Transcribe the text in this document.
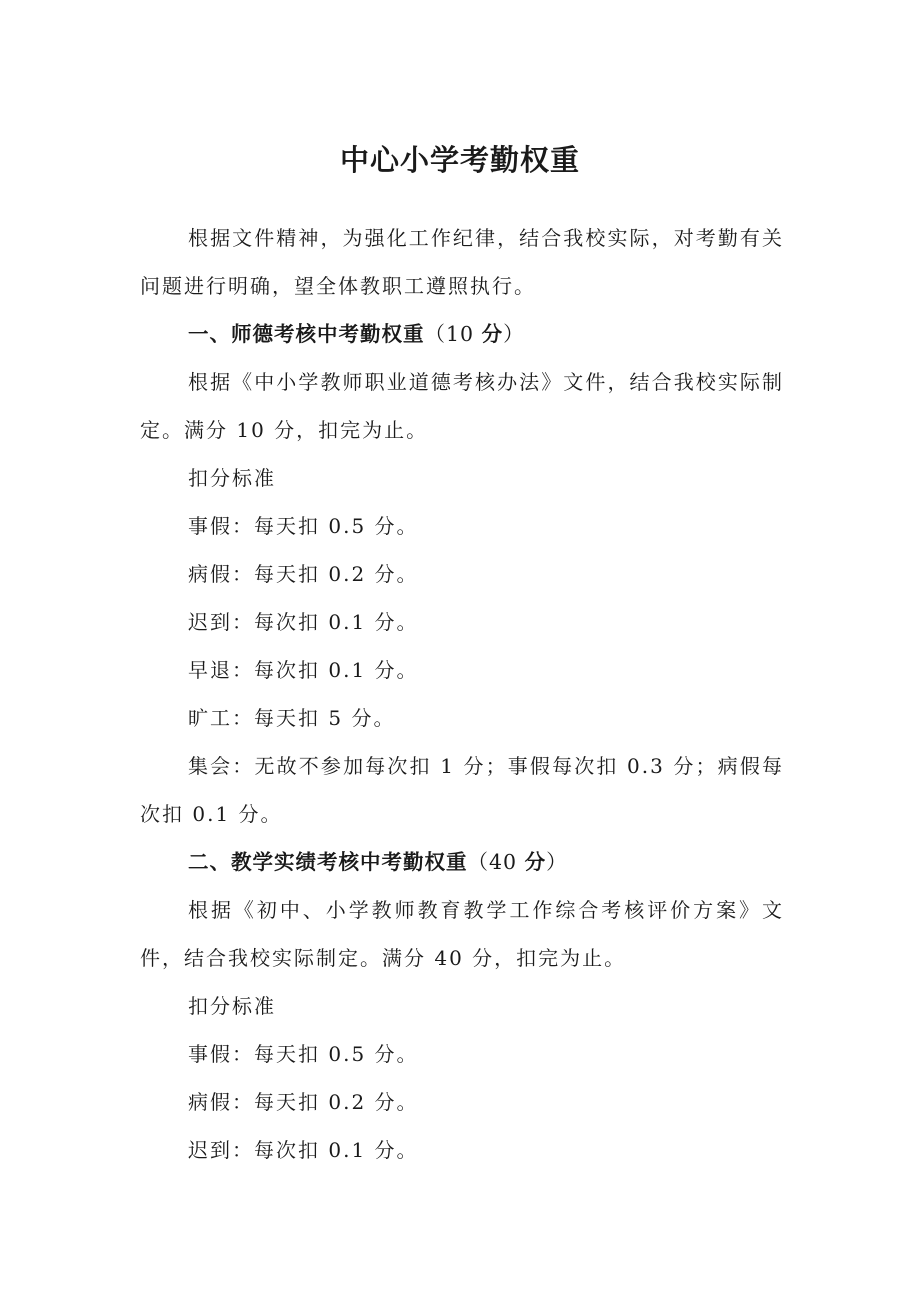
中心小学考勤权重

根据文件精神，为强化工作纪律，结合我校实际，对考勤有关问题进行明确，望全体教职工遵照执行。

一、师德考核中考勤权重（10 分）

根据《中小学教师职业道德考核办法》文件，结合我校实际制定。满分 10 分，扣完为止。

扣分标准

事假：每天扣 0.5 分。

病假：每天扣 0.2 分。

迟到：每次扣 0.1 分。

早退：每次扣 0.1 分。

旷工：每天扣 5 分。

集会：无故不参加每次扣 1 分；事假每次扣 0.3 分；病假每次扣 0.1 分。

二、教学实绩考核中考勤权重（40 分）

根据《初中、小学教师教育教学工作综合考核评价方案》文件，结合我校实际制定。满分 40 分，扣完为止。

扣分标准

事假：每天扣 0.5 分。

病假：每天扣 0.2 分。

迟到：每次扣 0.1 分。
